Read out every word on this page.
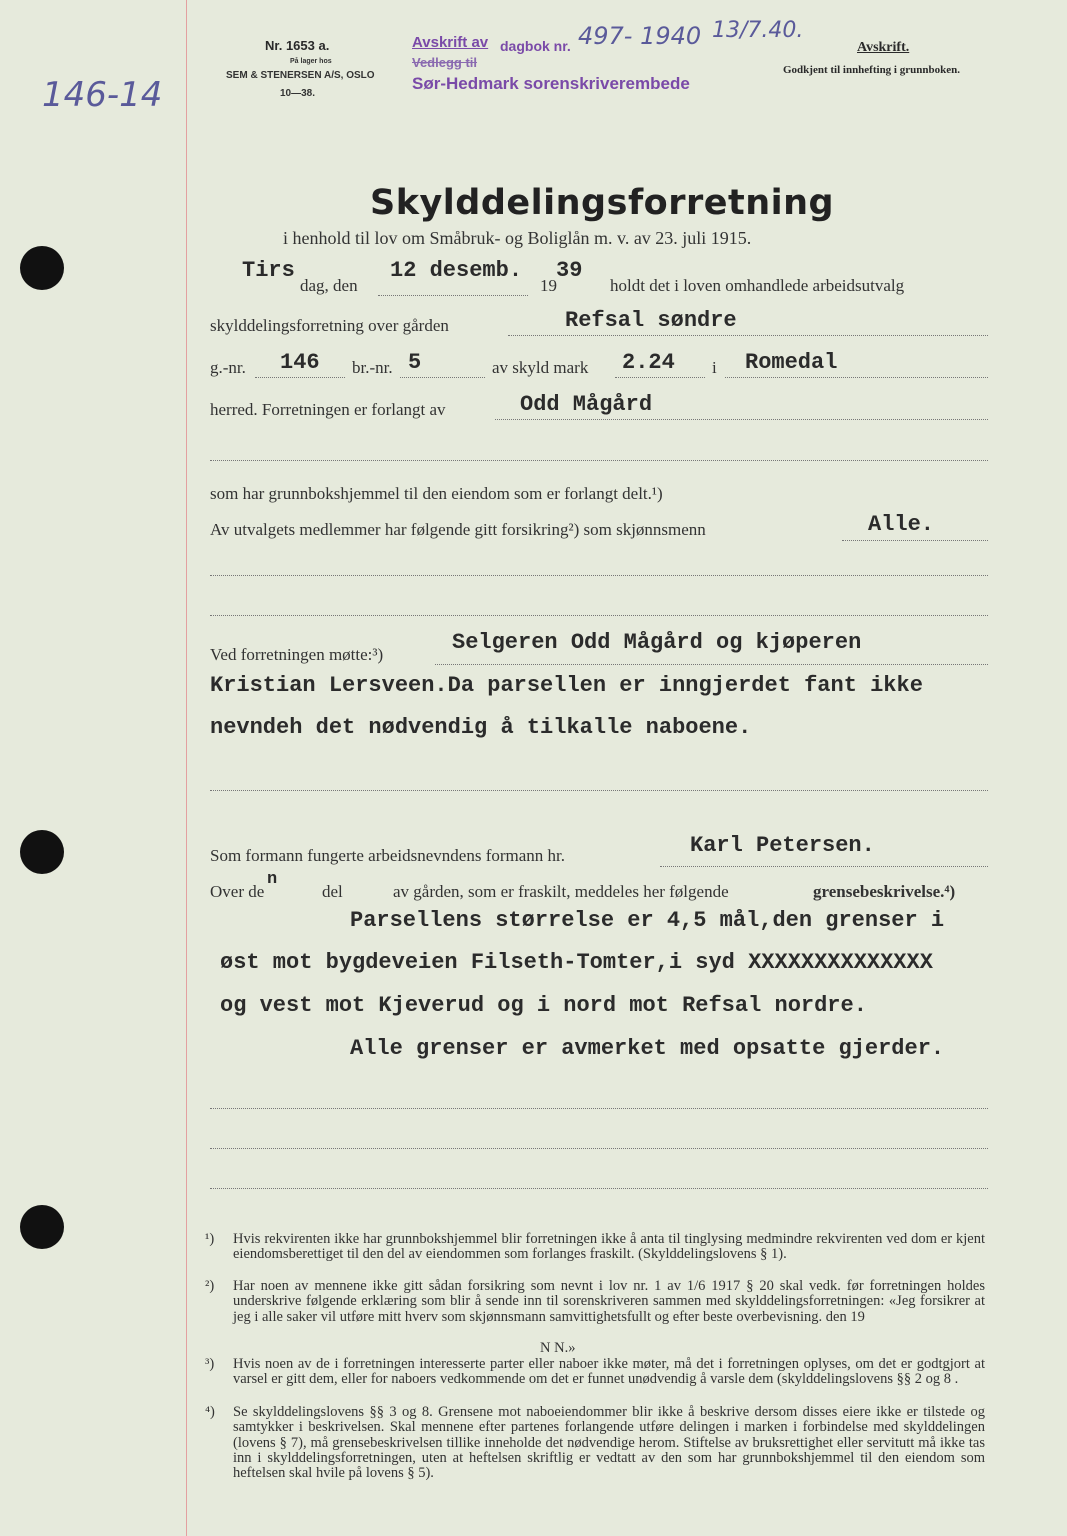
146-14
Nr. 1653 a.
På lager hos
SEM & STENERSEN A/S, OSLO
10—38.
Avskrift av
Vedlegg til
dagbok nr. 497- 1940 13/7.40.
Sør-Hedmark sorenskriverembede
Avskrift.
Godkjent til innhefting i grunnboken.
Skylddelingsforretning
i henhold til lov om Småbruk- og Boliglån m. v. av 23. juli 1915.
Tirs
dag, den
12 desemb.
19
39
holdt det i loven omhandlede arbeidsutvalg
skylddelingsforretning over gården	Refsal søndre
g.-nr. 146 br.-nr. 5	av skyld mark 2.24 i Romedal
herred. Forretningen er forlangt av	Odd Mågård
som har grunnbokshjemmel til den eiendom som er forlangt delt.¹)
Av utvalgets medlemmer har følgende gitt forsikring²) som skjønnsmenn	Alle.
Ved forretningen møtte:³)	Selgeren Odd Mågård og kjøperen
Kristian Lersveen.Da parsellen er inngjerdet fant ikke
nevndeh det nødvendig å tilkalle naboene.
Som formann fungerte arbeidsnevndens formann hr.	Karl Petersen.
Over de
n
del	av gården, som er fraskilt, meddeles her følgende	grensebeskrivelse.⁴)
Parsellens størrelse er 4,5 mål,den grenser i
øst mot bygdeveien Filseth-Tomter,i syd XXXXXXXXXXXXXX
og vest mot Kjeverud og i nord mot Refsal nordre.
Alle grenser er avmerket med opsatte gjerder.
¹) Hvis rekvirenten ikke har grunnbokshjemmel blir forretningen ikke å anta til tinglysing medmindre rekvirenten ved dom er kjent eiendomsberettiget til den del av eiendommen som forlanges fraskilt. (Skylddelingslovens § 1).
²) Har noen av mennene ikke gitt sådan forsikring som nevnt i lov nr. 1 av 1/6 1917 § 20 skal vedk. før forretningen holdes underskrive følgende erklæring som blir å sende inn til sorenskriveren sammen med skylddelingsforretningen: «Jeg forsikrer at jeg i alle saker vil utføre mitt hverv som skjønnsmann samvittighetsfullt og efter beste overbevisning. den 19
N N.»
³) Hvis noen av de i forretningen interesserte parter eller naboer ikke møter, må det i forretningen oplyses, om det er godtgjort at varsel er gitt dem, eller for naboers vedkommende om det er funnet unødvendig å varsle dem (skylddelingslovens §§ 2 og 8 .
⁴) Se skylddelingslovens §§ 3 og 8. Grensene mot naboeiendommer blir ikke å beskrive dersom disses eiere ikke er tilstede og samtykker i beskrivelsen. Skal mennene efter partenes forlangende utføre delingen i marken i forbindelse med skylddelingen (lovens § 7), må grensebeskrivelsen tillike inneholde det nødvendige herom. Stiftelse av bruksrettighet eller servitutt må ikke tas inn i skylddelingsforretningen, uten at heftelsen skriftlig er vedtatt av den som har grunnbokshjemmel til den eiendom som heftelsen skal hvile på lovens § 5).
